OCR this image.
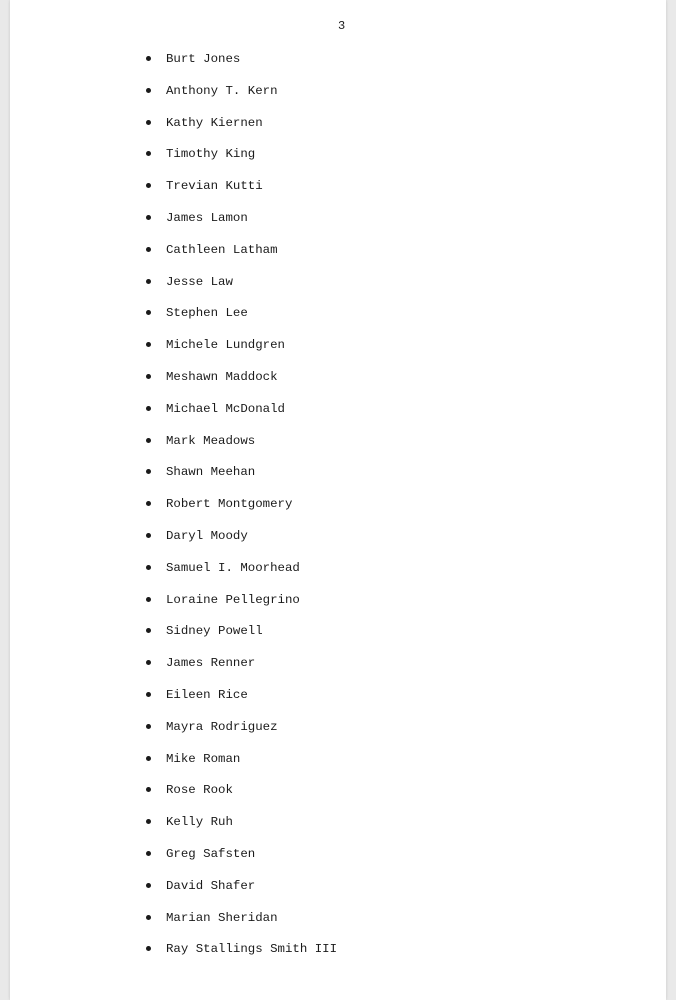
3
Burt Jones
Anthony T. Kern
Kathy Kiernen
Timothy King
Trevian Kutti
James Lamon
Cathleen Latham
Jesse Law
Stephen Lee
Michele Lundgren
Meshawn Maddock
Michael McDonald
Mark Meadows
Shawn Meehan
Robert Montgomery
Daryl Moody
Samuel I. Moorhead
Loraine Pellegrino
Sidney Powell
James Renner
Eileen Rice
Mayra Rodriguez
Mike Roman
Rose Rook
Kelly Ruh
Greg Safsten
David Shafer
Marian Sheridan
Ray Stallings Smith III
